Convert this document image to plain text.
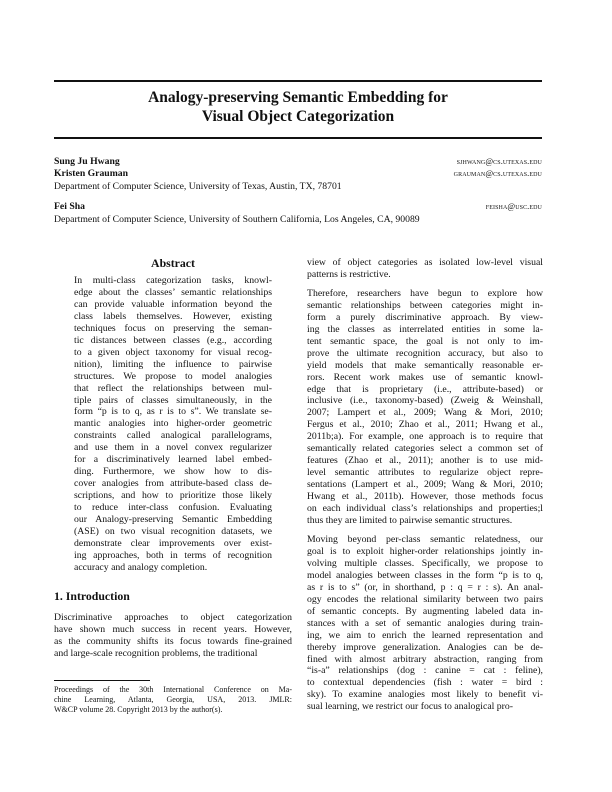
Analogy-preserving Semantic Embedding for
Visual Object Categorization
Sung Ju Hwang	sjhwang@cs.utexas.edu
Kristen Grauman	grauman@cs.utexas.edu
Department of Computer Science, University of Texas, Austin, TX, 78701
Fei Sha	feisha@usc.edu
Department of Computer Science, University of Southern California, Los Angeles, CA, 90089
Abstract
In multi-class categorization tasks, knowl-
edge about the classes’ semantic relationships
can provide valuable information beyond the
class labels themselves. However, existing
techniques focus on preserving the seman-
tic distances between classes (e.g., according
to a given object taxonomy for visual recog-
nition), limiting the influence to pairwise
structures. We propose to model analogies
that reflect the relationships between mul-
tiple pairs of classes simultaneously, in the
form “p is to q, as r is to s”. We translate se-
mantic analogies into higher-order geometric
constraints called analogical parallelograms,
and use them in a novel convex regularizer
for a discriminatively learned label embed-
ding. Furthermore, we show how to dis-
cover analogies from attribute-based class de-
scriptions, and how to prioritize those likely
to reduce inter-class confusion. Evaluating
our Analogy-preserving Semantic Embedding
(ASE) on two visual recognition datasets, we
demonstrate clear improvements over exist-
ing approaches, both in terms of recognition
accuracy and analogy completion.
1. Introduction
Discriminative approaches to object categorization
have shown much success in recent years. However,
as the community shifts its focus towards fine-grained
and large-scale recognition problems, the traditional
Proceedings of the 30th International Conference on Ma-
chine Learning, Atlanta, Georgia, USA, 2013. JMLR:
W&CP volume 28. Copyright 2013 by the author(s).

view of object categories as isolated low-level visual
patterns is restrictive.

Therefore, researchers have begun to explore how
semantic relationships between categories might in-
form a purely discriminative approach. By view-
ing the classes as interrelated entities in some la-
tent semantic space, the goal is not only to im-
prove the ultimate recognition accuracy, but also to
yield models that make semantically reasonable er-
rors. Recent work makes use of semantic knowl-
edge that is proprietary (i.e., attribute-based) or
inclusive (i.e., taxonomy-based) (Zweig & Weinshall,
2007; Lampert et al., 2009; Wang & Mori, 2010;
Fergus et al., 2010; Zhao et al., 2011; Hwang et al.,
2011b;a). For example, one approach is to require that
semantically related categories select a common set of
features (Zhao et al., 2011); another is to use mid-
level semantic attributes to regularize object repre-
sentations (Lampert et al., 2009; Wang & Mori, 2010;
Hwang et al., 2011b). However, those methods focus
on each individual class’s relationships and properties;l
thus they are limited to pairwise semantic structures.

Moving beyond per-class semantic relatedness, our
goal is to exploit higher-order relationships jointly in-
volving multiple classes. Specifically, we propose to
model analogies between classes in the form “p is to q,
as r is to s” (or, in shorthand, p : q = r : s). An anal-
ogy encodes the relational similarity between two pairs
of semantic concepts. By augmenting labeled data in-
stances with a set of semantic analogies during train-
ing, we aim to enrich the learned representation and
thereby improve generalization. Analogies can be de-
fined with almost arbitrary abstraction, ranging from
“is-a” relationships (dog : canine = cat : feline),
to contextual dependencies (fish : water = bird :
sky). To examine analogies most likely to benefit vi-
sual learning, we restrict our focus to analogical pro-
